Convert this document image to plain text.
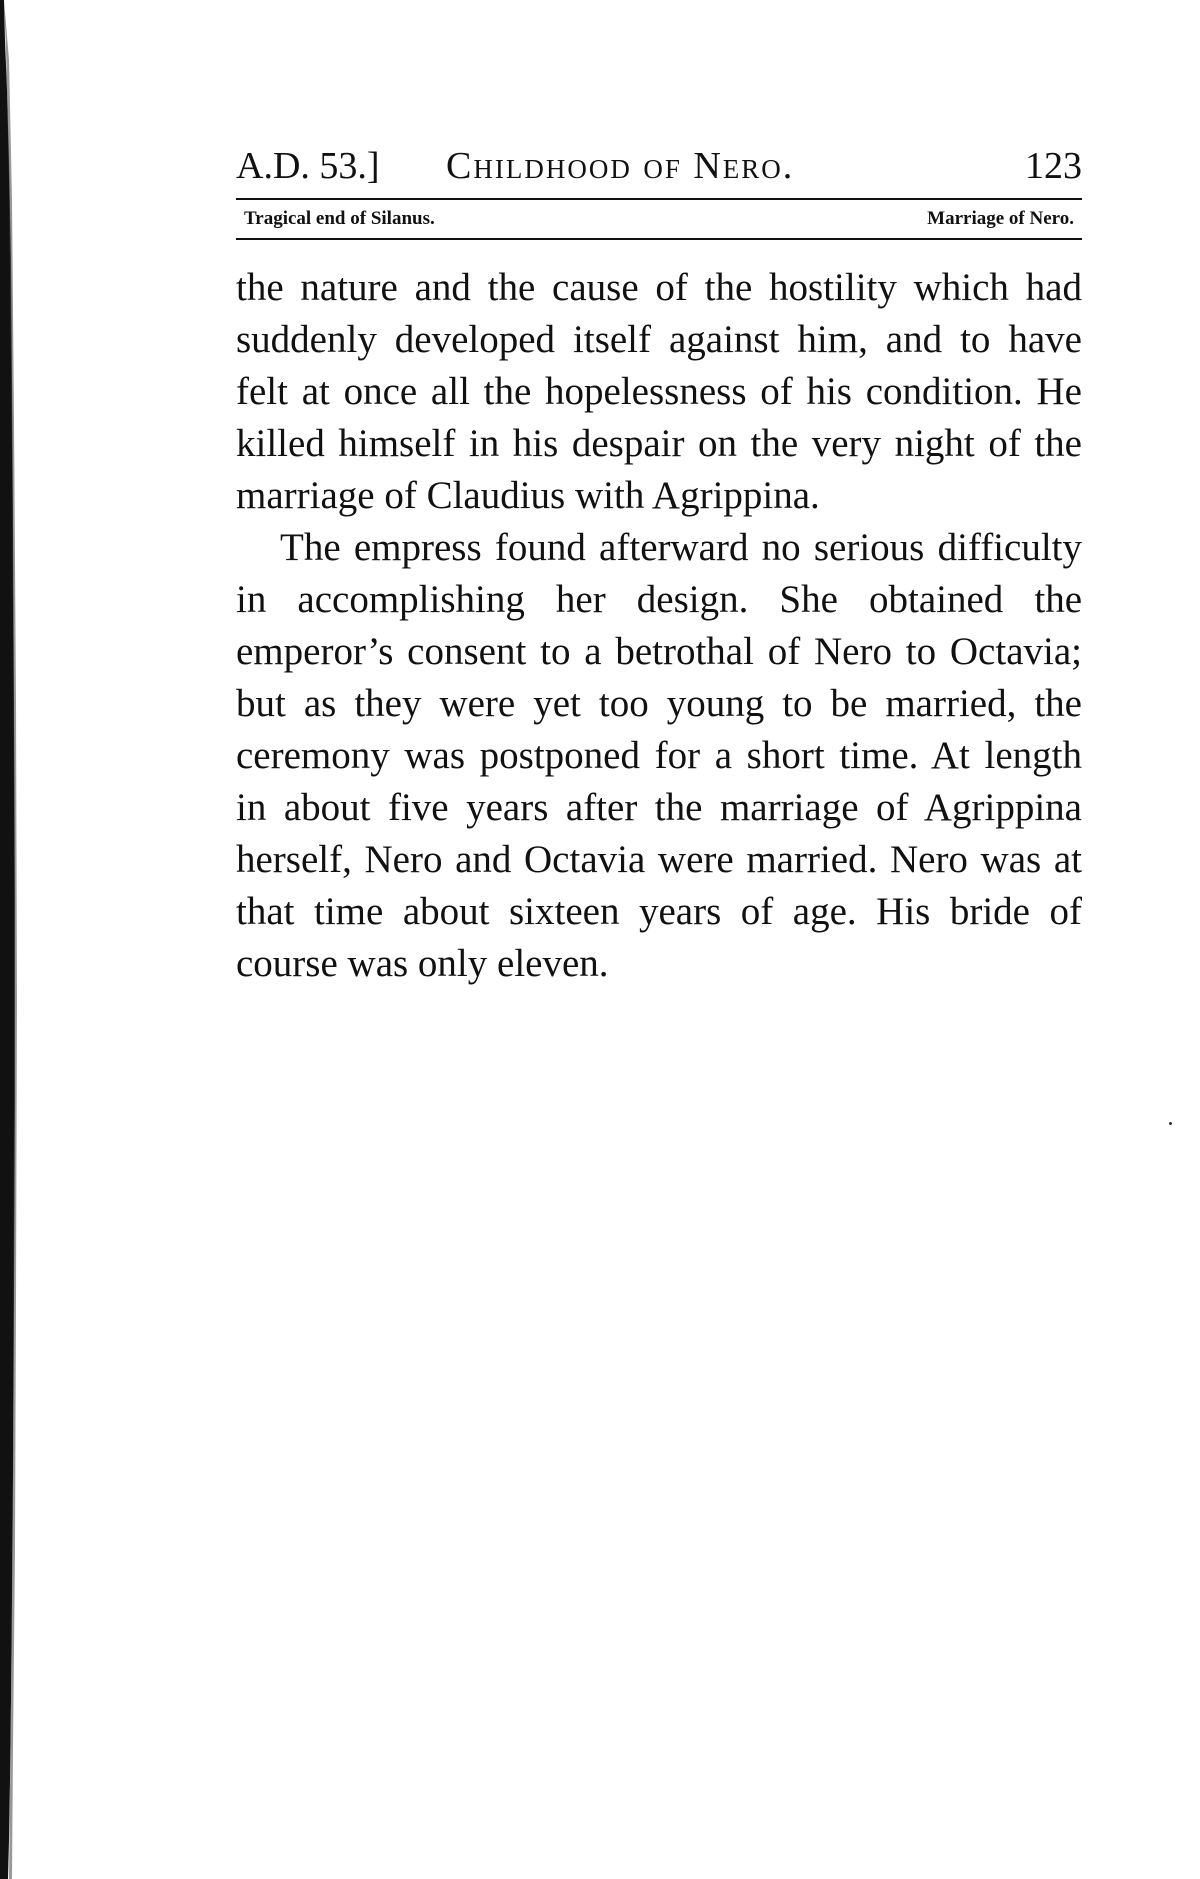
A.D. 53.] Childhood of Nero.	123
Tragical end of Silanus.	Marriage of Nero.

the nature and the cause of the hostility which had suddenly developed itself against him, and to have felt at once all the hopelessness of his condition. He killed himself in his despair on the very night of the marriage of Claudius with Agrippina.

The empress found afterward no serious difficulty in accomplishing her design. She obtained the emperor’s consent to a betrothal of Nero to Octavia; but as they were yet too young to be married, the ceremony was postponed for a short time. At length in about five years after the marriage of Agrippina herself, Nero and Octavia were married. Nero was at that time about sixteen years of age. His bride of course was only eleven.
